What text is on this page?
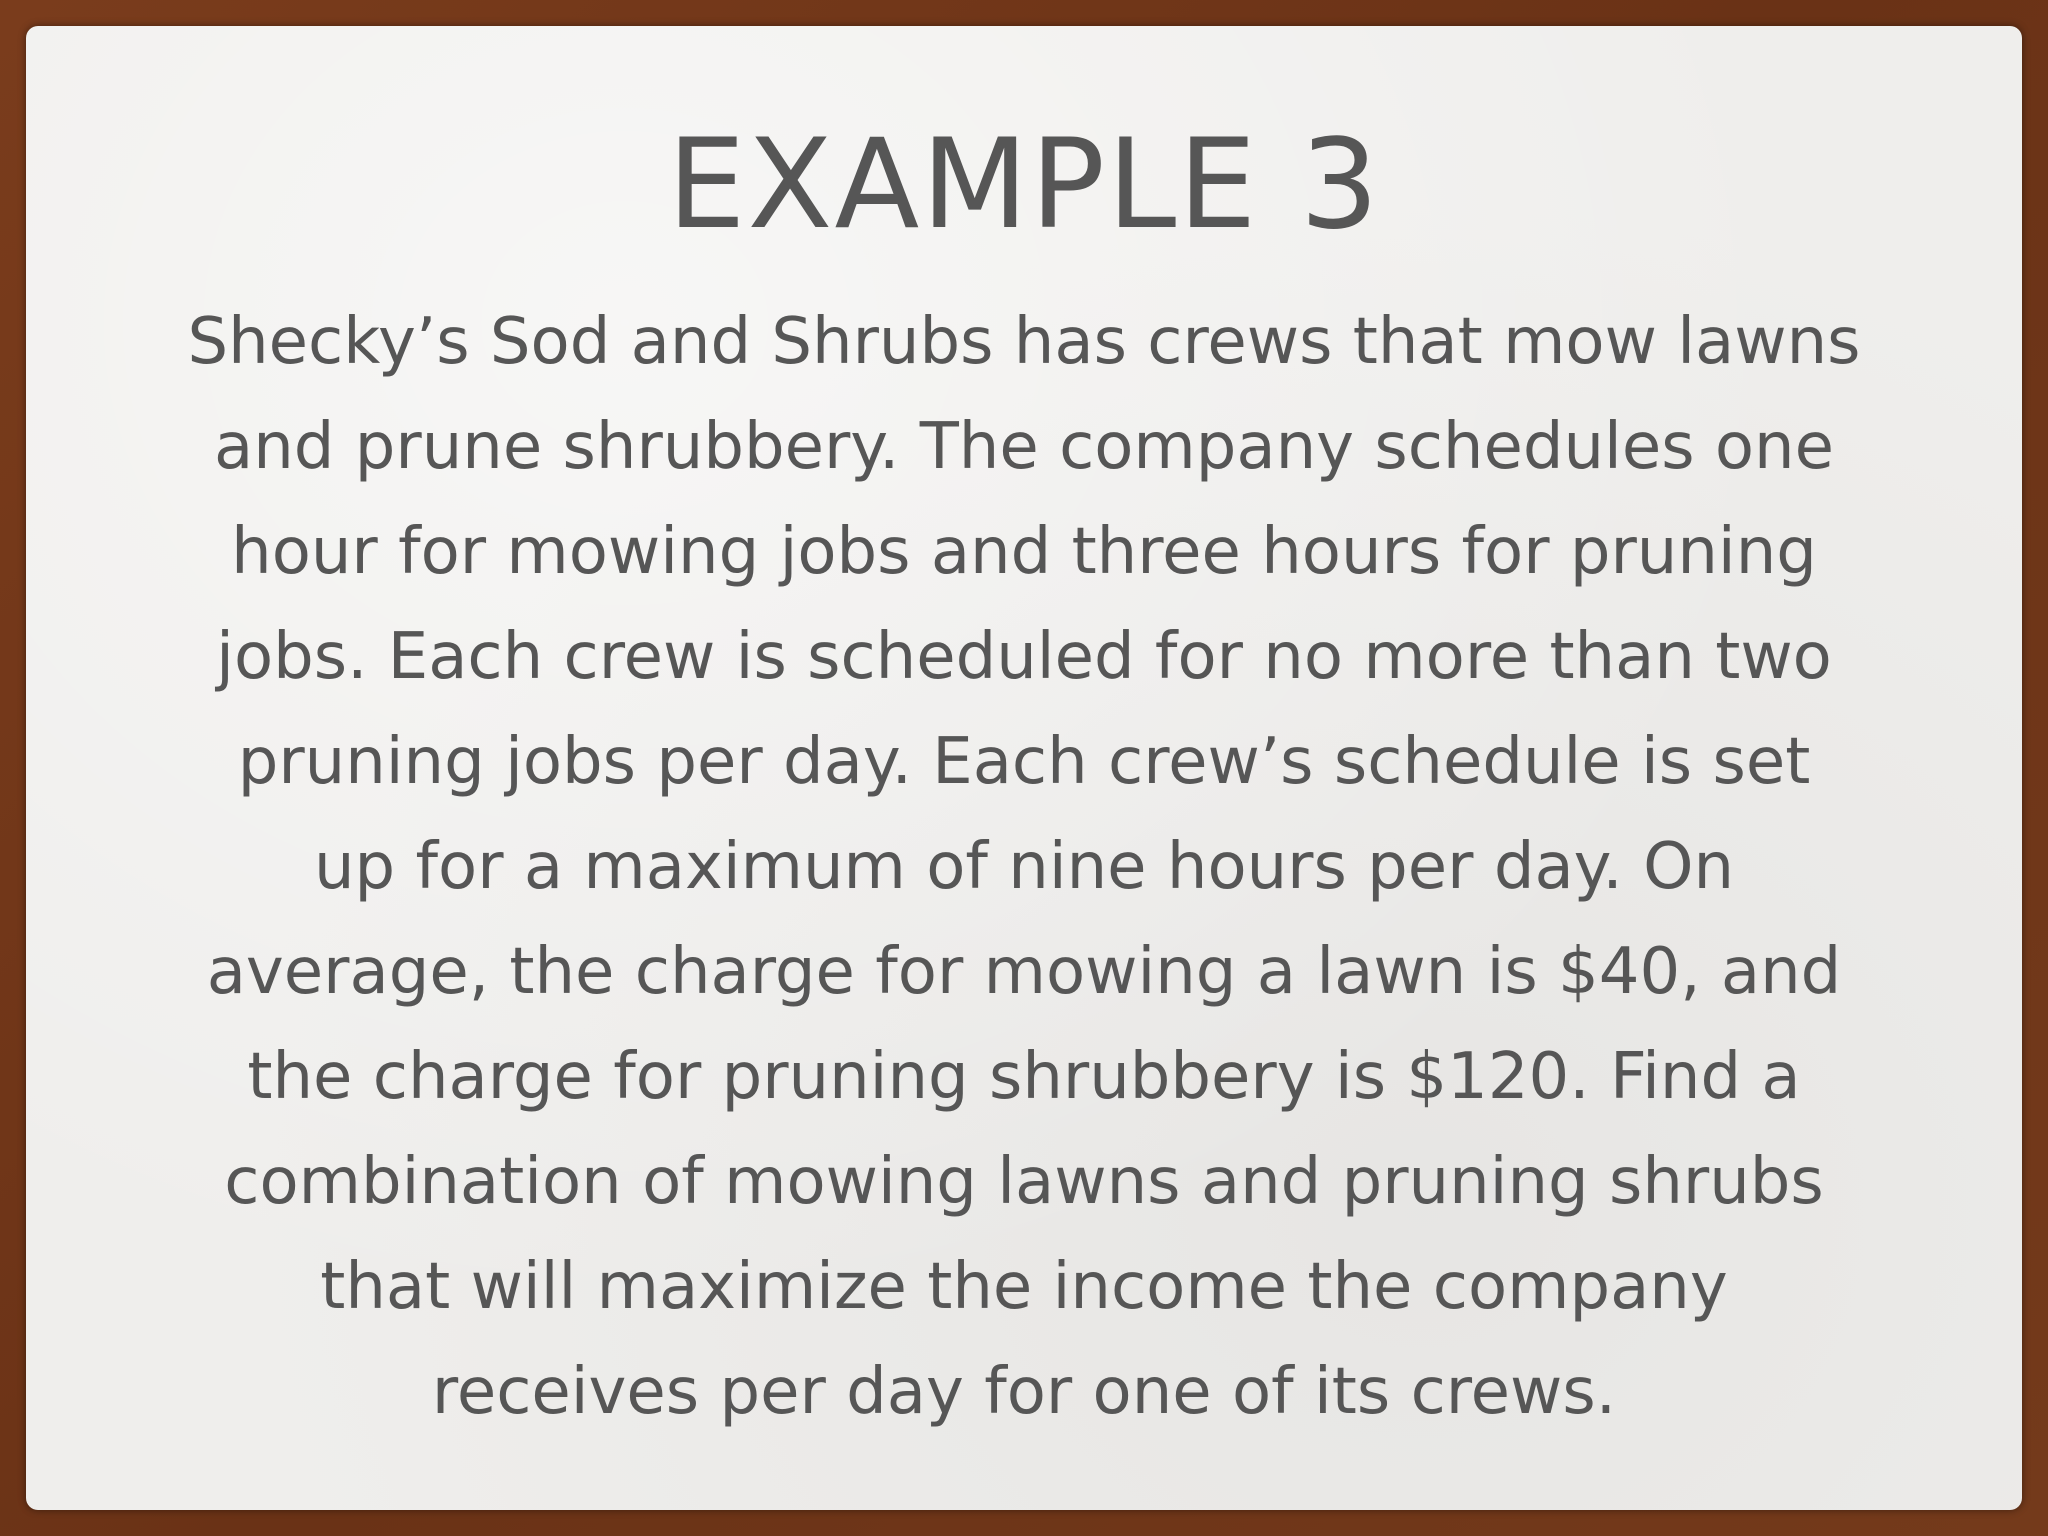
EXAMPLE 3

Shecky’s Sod and Shrubs has crews that mow lawns
and prune shrubbery. The company schedules one
hour for mowing jobs and three hours for pruning
jobs. Each crew is scheduled for no more than two
pruning jobs per day. Each crew’s schedule is set
up for a maximum of nine hours per day. On
average, the charge for mowing a lawn is $40, and
the charge for pruning shrubbery is $120. Find a
combination of mowing lawns and pruning shrubs
that will maximize the income the company
receives per day for one of its crews.
